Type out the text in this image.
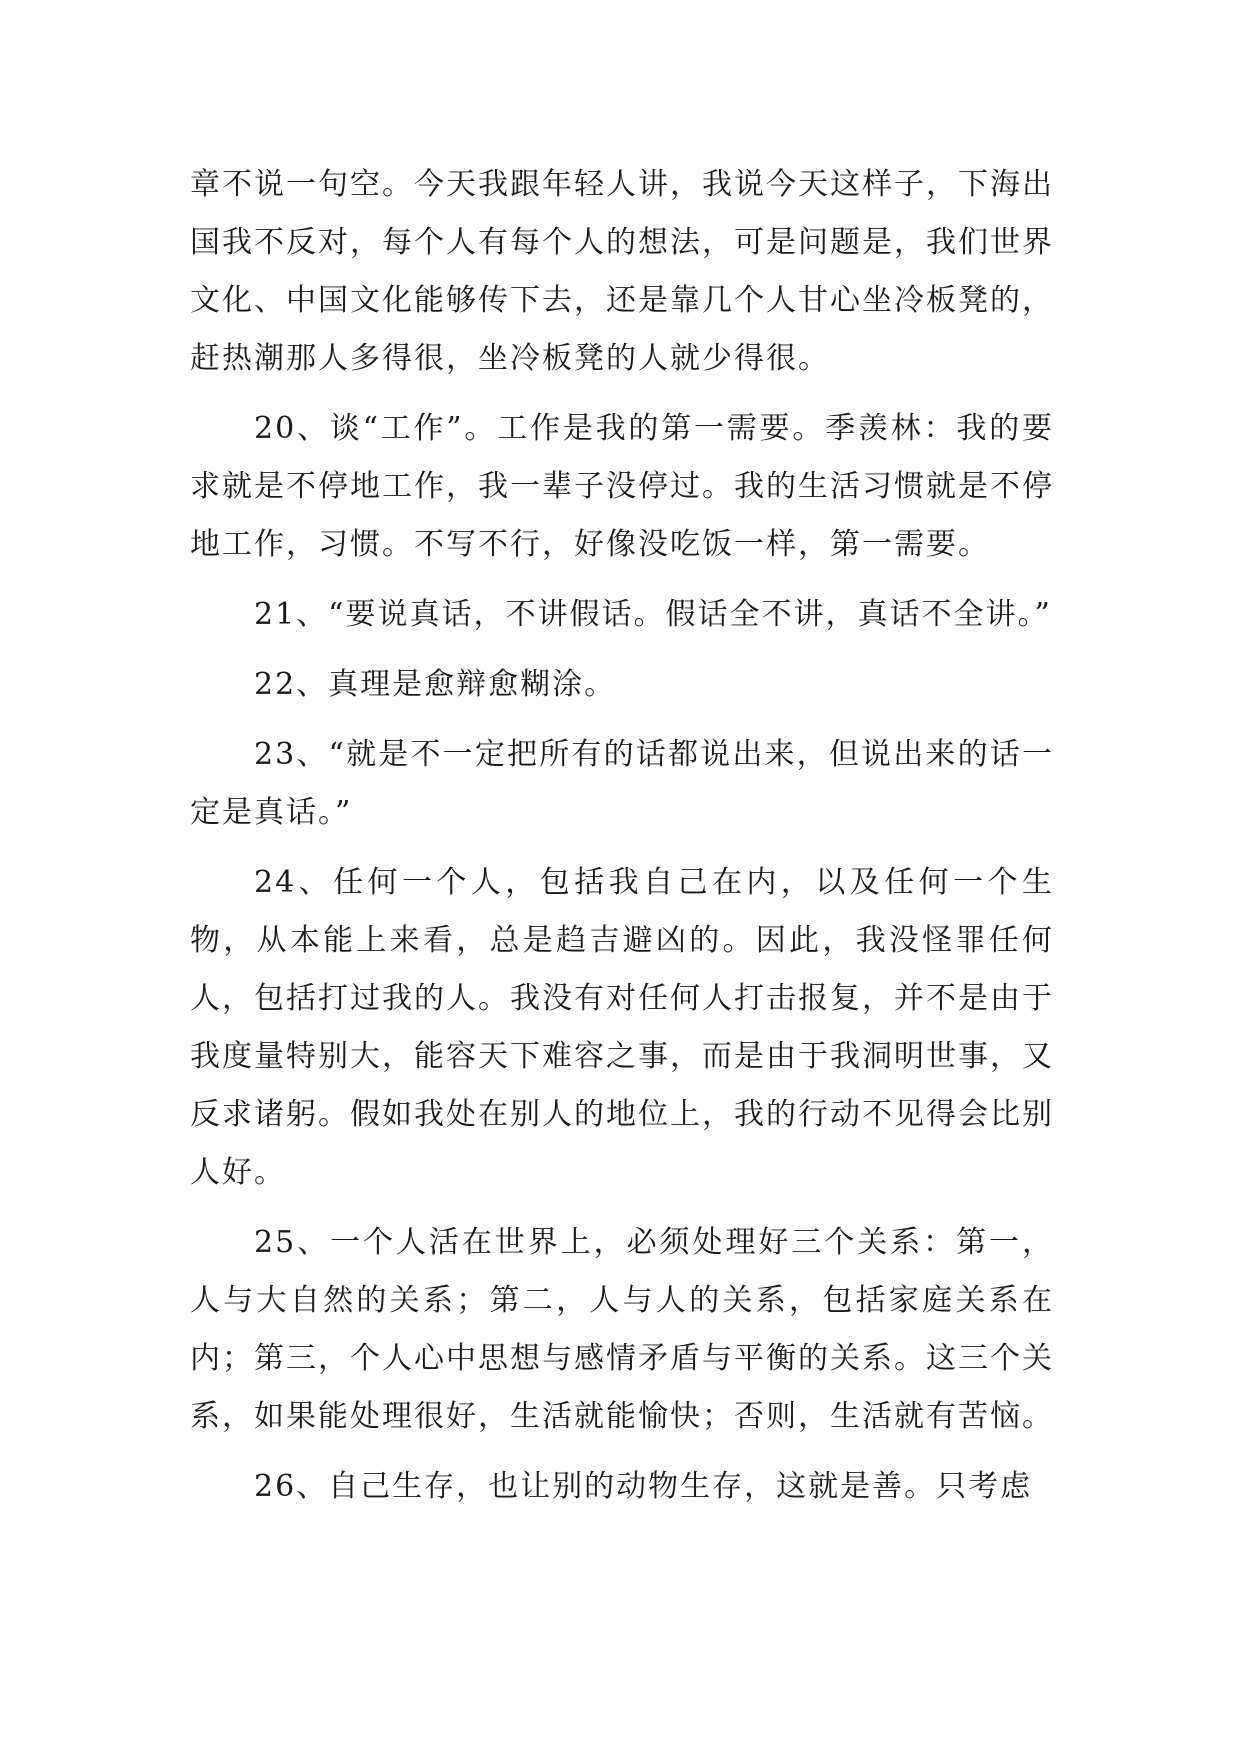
章不说一句空。今天我跟年轻人讲，我说今天这样子，下海出国我不反对，每个人有每个人的想法，可是问题是，我们世界文化、中国文化能够传下去，还是靠几个人甘心坐冷板凳的，赶热潮那人多得很，坐冷板凳的人就少得很。

20、谈“工作”。工作是我的第一需要。季羡林：我的要求就是不停地工作，我一辈子没停过。我的生活习惯就是不停地工作，习惯。不写不行，好像没吃饭一样，第一需要。

21、“要说真话，不讲假话。假话全不讲，真话不全讲。”

22、真理是愈辩愈糊涂。

23、“就是不一定把所有的话都说出来，但说出来的话一定是真话。”

24、任何一个人，包括我自己在内，以及任何一个生物，从本能上来看，总是趋吉避凶的。因此，我没怪罪任何人，包括打过我的人。我没有对任何人打击报复，并不是由于我度量特别大，能容天下难容之事，而是由于我洞明世事，又反求诸躬。假如我处在别人的地位上，我的行动不见得会比别人好。

25、一个人活在世界上，必须处理好三个关系：第一，人与大自然的关系；第二，人与人的关系，包括家庭关系在内；第三，个人心中思想与感情矛盾与平衡的关系。这三个关系，如果能处理很好，生活就能愉快；否则，生活就有苦恼。

26、自己生存，也让别的动物生存，这就是善。只考虑
